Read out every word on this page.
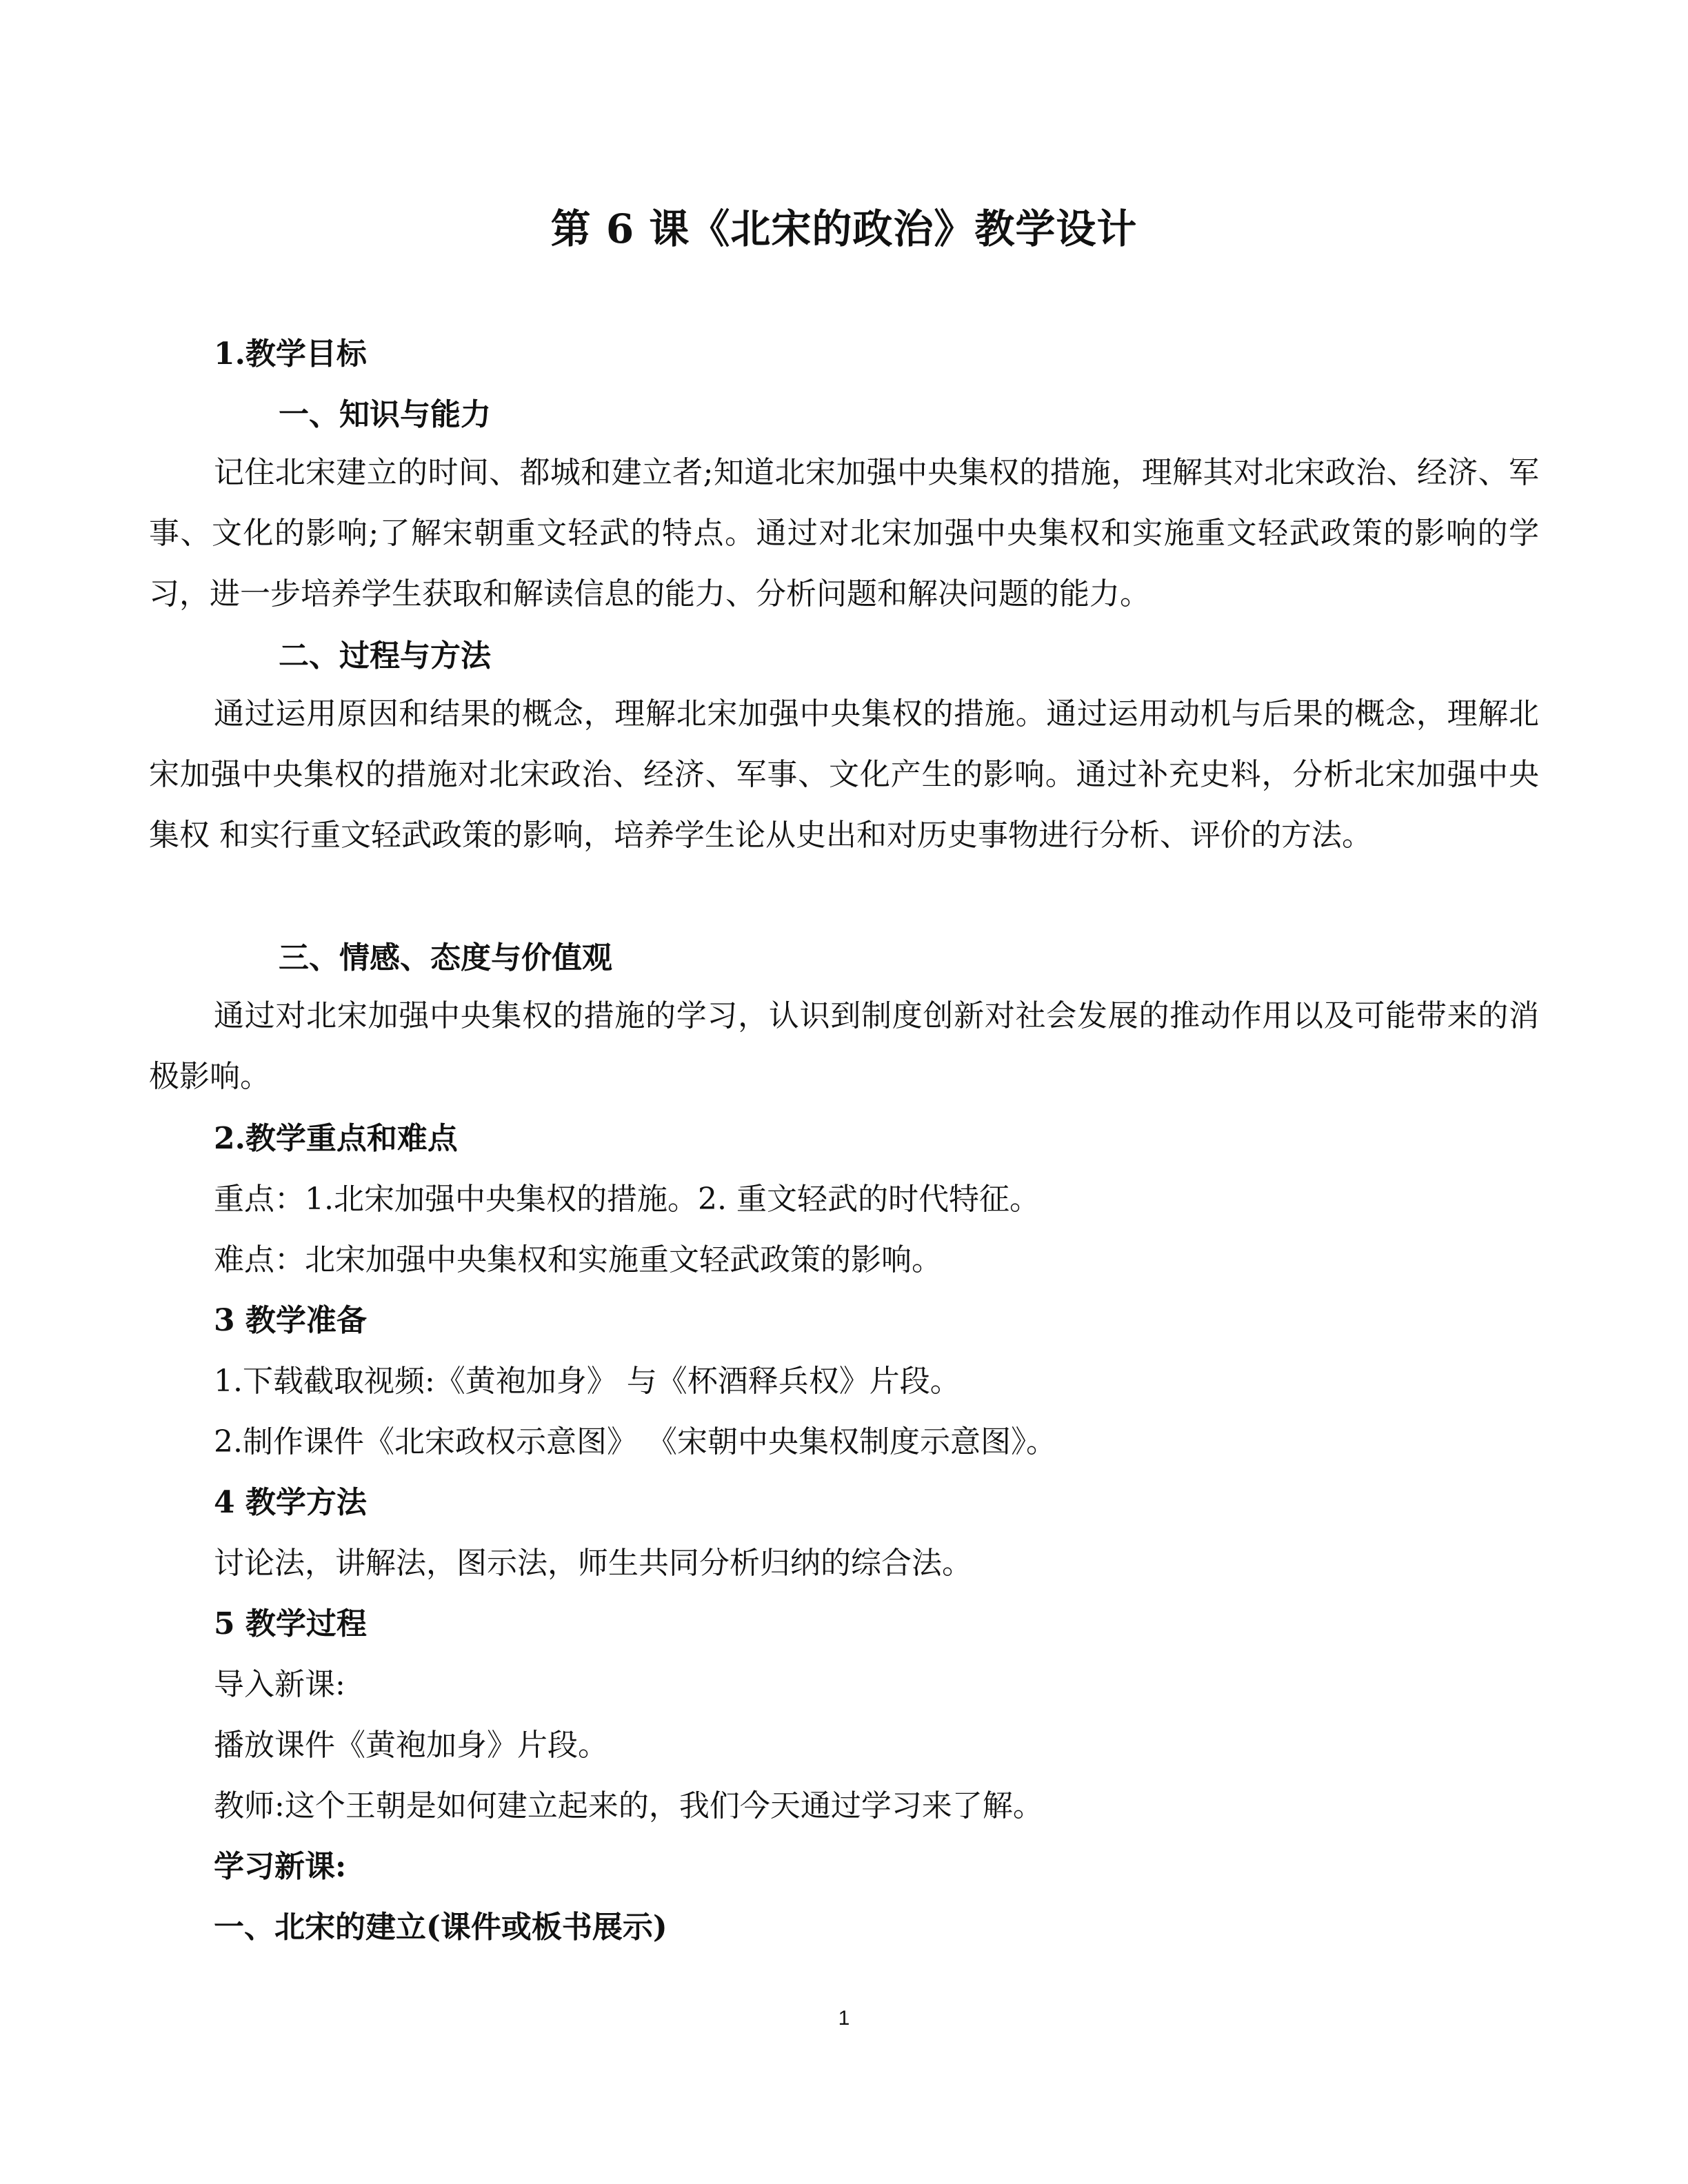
第 6 课《北宋的政治》教学设计
1.教学目标
一、知识与能力
记住北宋建立的时间、都城和建立者;知道北宋加强中央集权的措施，理解其对北宋政治、经济、军事、文化的影响;了解宋朝重文轻武的特点。通过对北宋加强中央集权和实施重文轻武政策的影响的学习，进一步培养学生获取和解读信息的能力、分析问题和解决问题的能力。
二、过程与方法
通过运用原因和结果的概念，理解北宋加强中央集权的措施。通过运用动机与后果的概念，理解北宋加强中央集权的措施对北宋政治、经济、军事、文化产生的影响。通过补充史料，分析北宋加强中央集权 和实行重文轻武政策的影响，培养学生论从史出和对历史事物进行分析、评价的方法。
三、情感、态度与价值观
通过对北宋加强中央集权的措施的学习，认识到制度创新对社会发展的推动作用以及可能带来的消极影响。
2.教学重点和难点
重点：1.北宋加强中央集权的措施。2. 重文轻武的时代特征。
难点：北宋加强中央集权和实施重文轻武政策的影响。
3 教学准备
1.下载截取视频:《黄袍加身》 与《杯酒释兵权》片段。
2.制作课件《北宋政权示意图》 《宋朝中央集权制度示意图》。
4 教学方法
讨论法，讲解法，图示法，师生共同分析归纳的综合法。
5 教学过程
导入新课:
播放课件《黄袍加身》片段。
教师:这个王朝是如何建立起来的，我们今天通过学习来了解。
学习新课:
一、北宋的建立(课件或板书展示)
1
